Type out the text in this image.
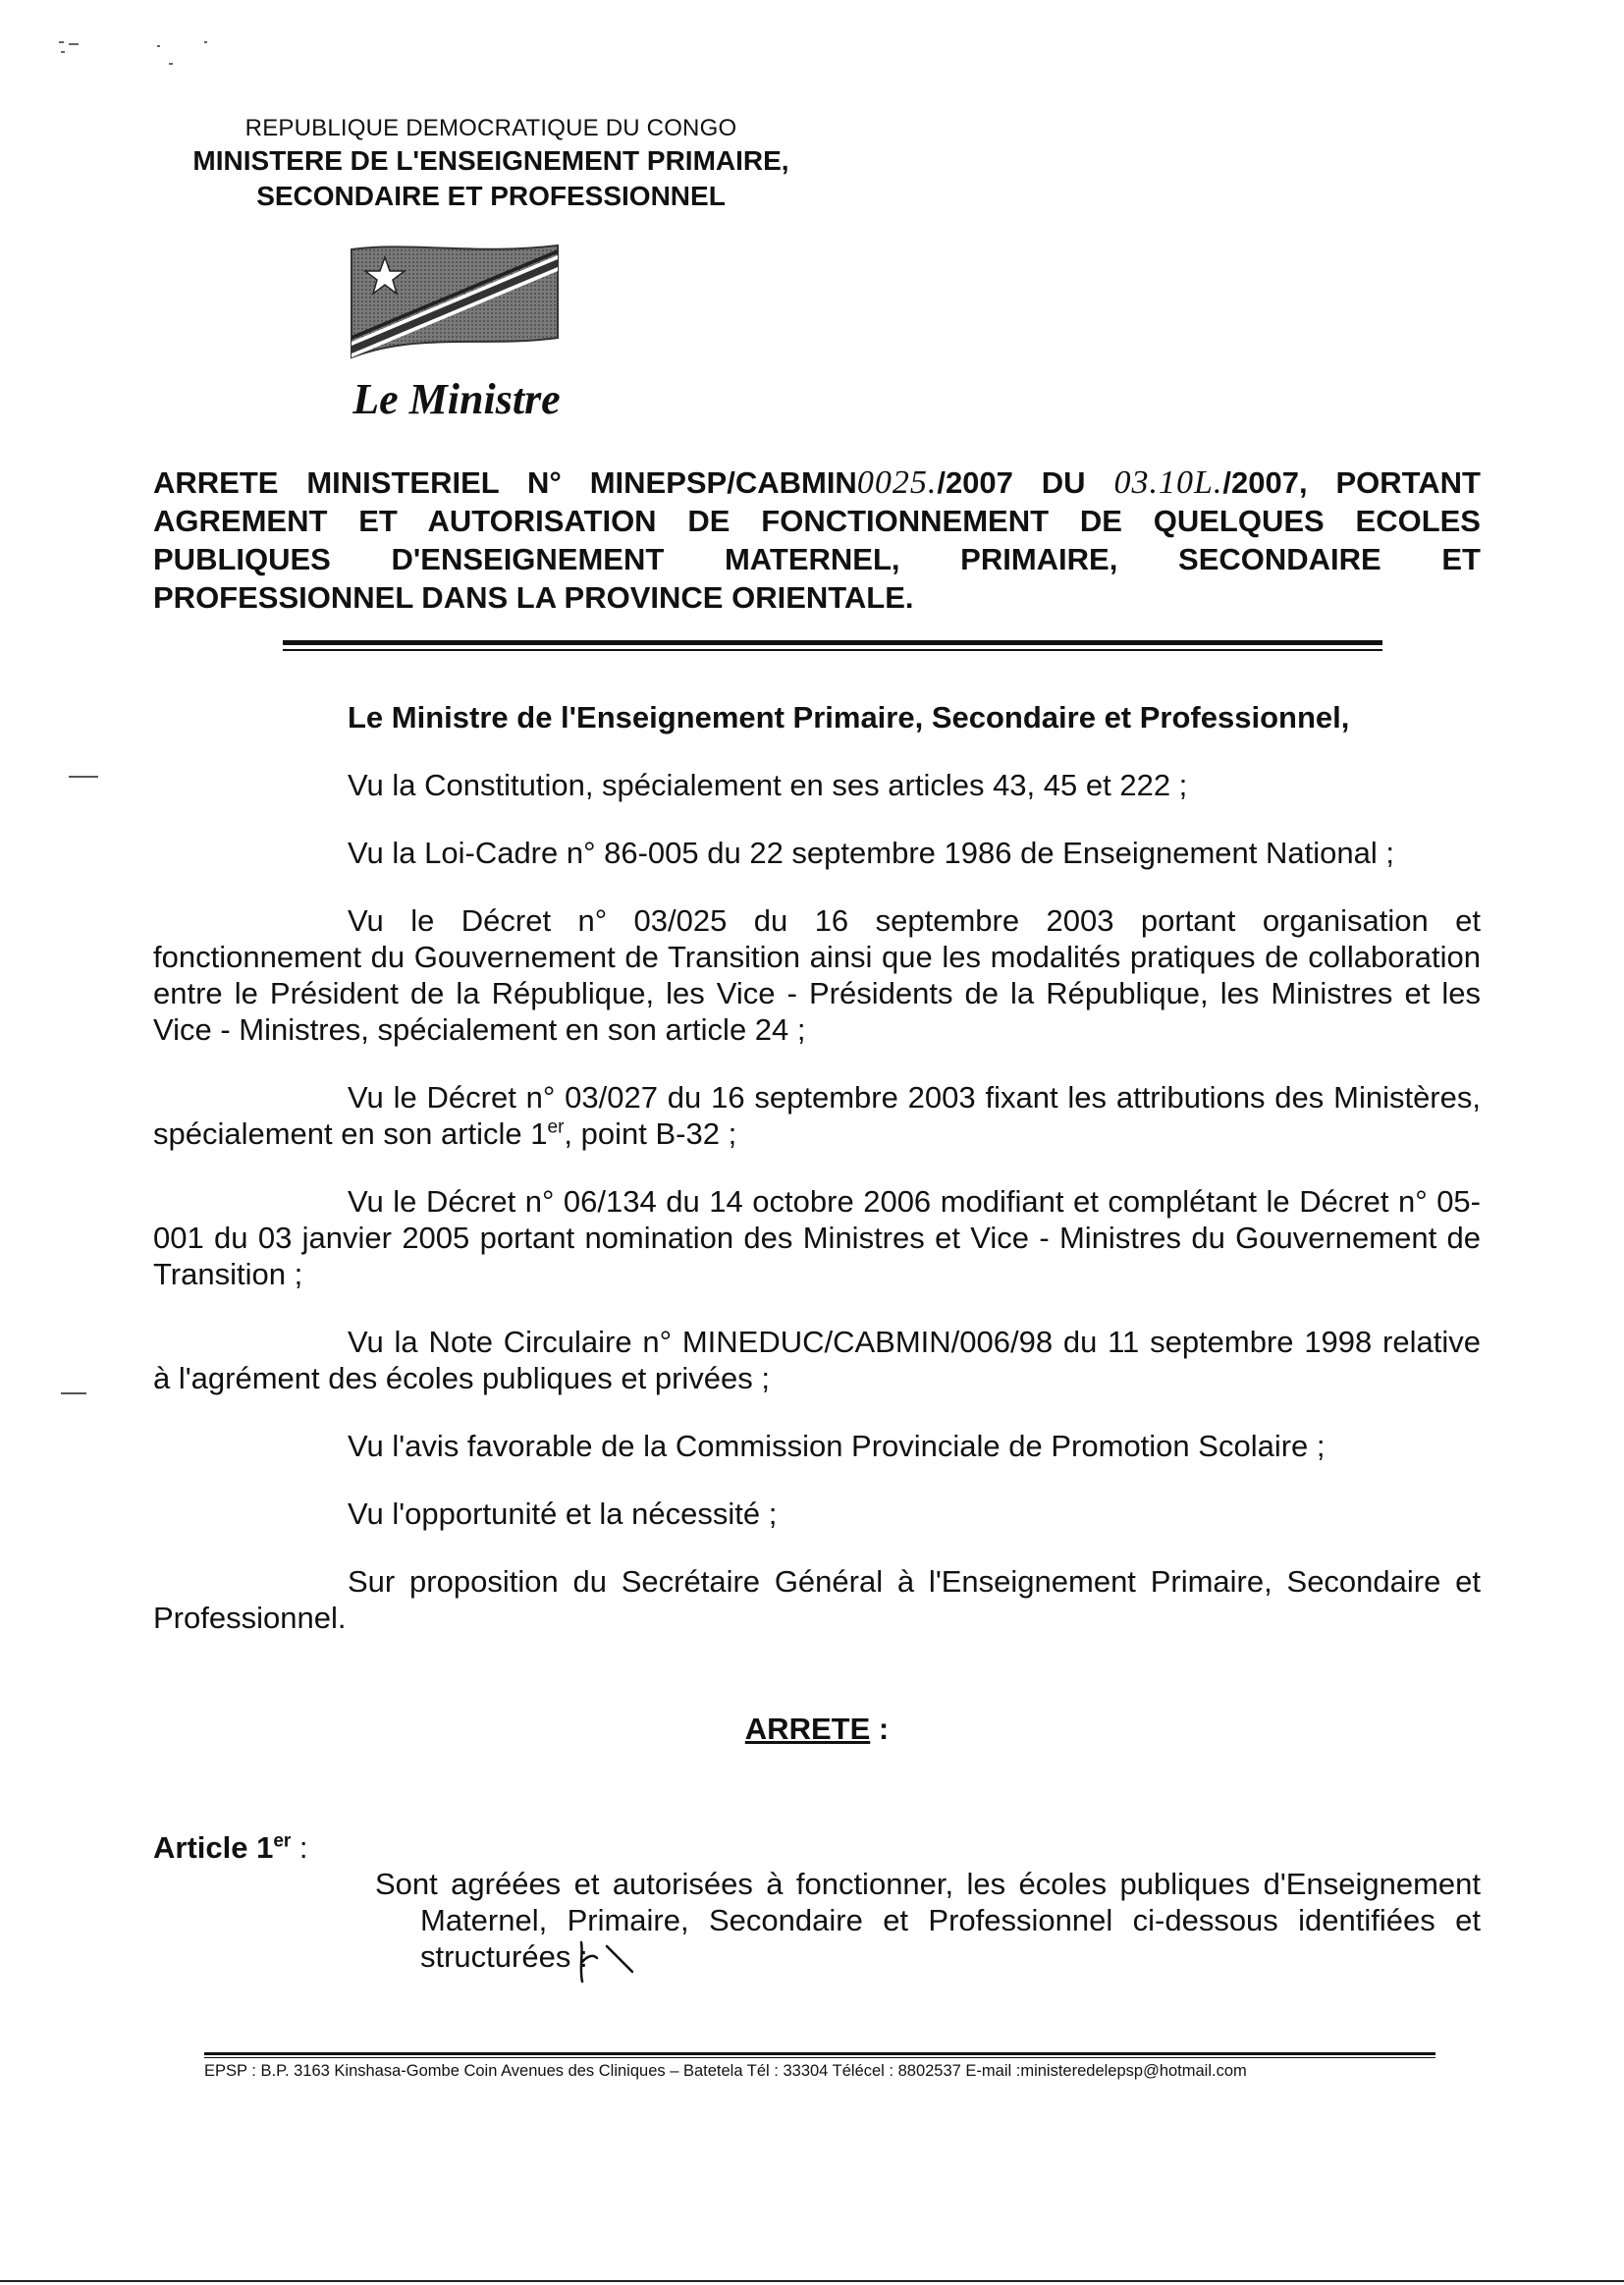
REPUBLIQUE DEMOCRATIQUE DU CONGO
MINISTERE DE L'ENSEIGNEMENT PRIMAIRE,
SECONDAIRE ET PROFESSIONNEL
Le Ministre
ARRETE MINISTERIEL N° MINEPSP/CABMIN0025./2007 DU 03.10L./2007, PORTANT
AGREMENT ET AUTORISATION DE FONCTIONNEMENT DE QUELQUES ECOLES
PUBLIQUES D'ENSEIGNEMENT MATERNEL, PRIMAIRE, SECONDAIRE ET
PROFESSIONNEL DANS LA PROVINCE ORIENTALE.
Le Ministre de l'Enseignement Primaire, Secondaire et Professionnel,

Vu la Constitution, spécialement en ses articles 43, 45 et 222 ;

Vu la Loi-Cadre n° 86-005 du 22 septembre 1986 de Enseignement National ;

Vu le Décret n° 03/025 du 16 septembre 2003 portant organisation et fonctionnement du Gouvernement de Transition ainsi que les modalités pratiques de collaboration entre le Président de la République, les Vice - Présidents de la République, les Ministres et les Vice - Ministres, spécialement en son article 24 ;

Vu le Décret n° 03/027 du 16 septembre 2003 fixant les attributions des Ministères, spécialement en son article 1er, point B-32 ;

Vu le Décret n° 06/134 du 14 octobre 2006 modifiant et complétant le Décret n° 05-001 du 03 janvier 2005 portant nomination des Ministres et Vice - Ministres du Gouvernement de Transition ;

Vu la Note Circulaire n° MINEDUC/CABMIN/006/98 du 11 septembre 1998 relative à l'agrément des écoles publiques et privées ;

Vu l'avis favorable de la Commission Provinciale de Promotion Scolaire ;

Vu l'opportunité et la nécessité ;

Sur proposition du Secrétaire Général à l'Enseignement Primaire, Secondaire et Professionnel.

ARRETE :
Article 1er :
Sont agréées et autorisées à fonctionner, les écoles publiques d'Enseignement Maternel, Primaire, Secondaire et Professionnel ci-dessous identifiées et structurées :
EPSP : B.P. 3163 Kinshasa-Gombe Coin Avenues des Cliniques – Batetela Tél : 33304 Télécel : 8802537 E-mail :ministeredelepsp@hotmail.com
